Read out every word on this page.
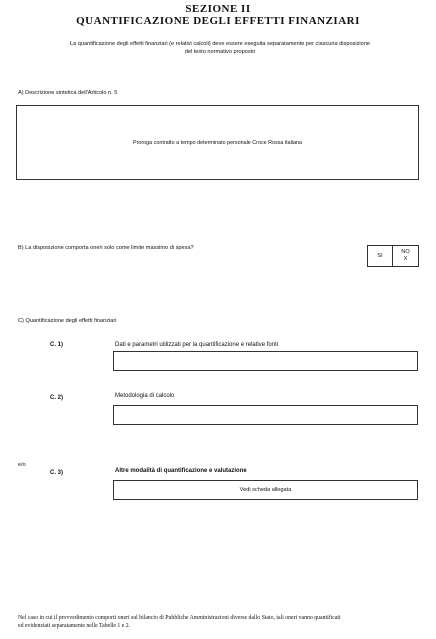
SEZIONE II
QUANTIFICAZIONE DEGLI EFFETTI FINANZIARI
La quantificazione degli effetti finanziari (e relativi calcoli) deve essere eseguita separatamente per ciascuna disposizione
del testo normativo proposto
A) Descrizione sintetica dell'Articolo n. 5
Proroga contratto a tempo determinato personale Croce Rossa italiana
B) La disposizione comporta oneri solo come limite massimo di spesa?
SI
NO
X
C) Quantificazione degli effetti finanziari
C. 1)	Dati e parametri utilizzati per la quantificazione e relative fonti
C. 2)	Metodologia di calcolo
e/o
C. 3)	Altre modalità di quantificazione e valutazione
Vedi scheda allegata
Nel caso in cui il provvedimento comporti oneri sul bilancio di Pubbliche Amministrazioni diverse dallo Stato, tali oneri vanno quantificati
ed evidenziati separatamente nelle Tabelle 1 e 2.
